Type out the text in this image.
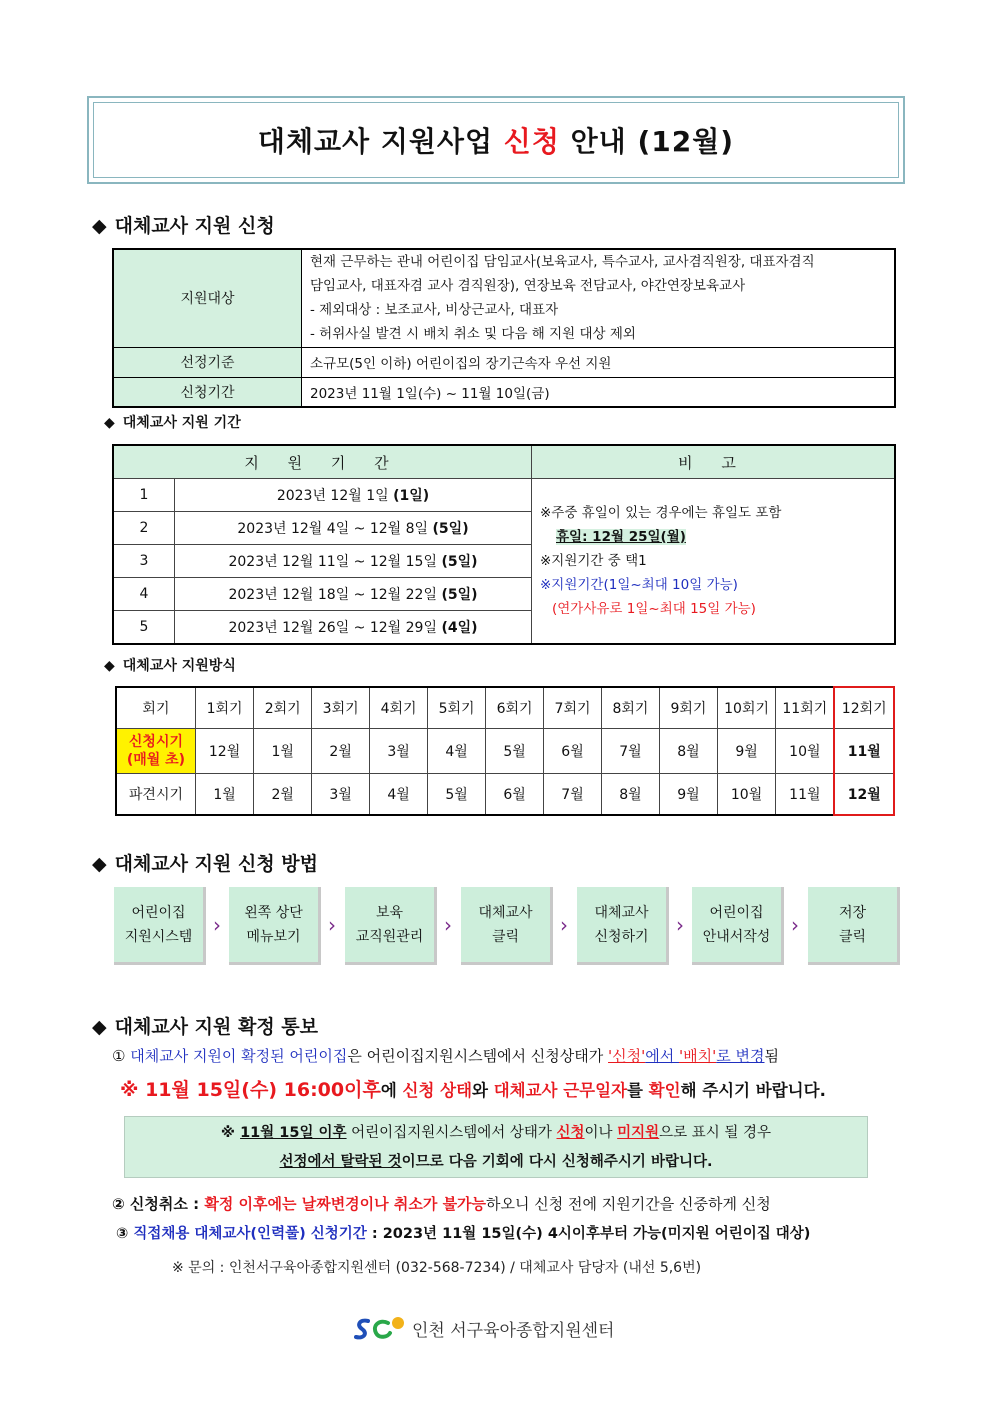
대체교사 지원사업 신청 안내 (12월)
◆ 대체교사 지원 신청
지원대상	현재 근무하는 관내 어린이집 담임교사(보육교사, 특수교사, 교사겸직원장, 대표자겸직
담임교사, 대표자겸 교사 겸직원장), 연장보육 전담교사, 야간연장보육교사
- 제외대상 : 보조교사, 비상근교사, 대표자
- 허위사실 발견 시 배치 취소 및 다음 해 지원 대상 제외

선정기준	소규모(5인 이하) 어린이집의 장기근속자 우선 지원
신청기간	2023년 11월 1일(수) ~ 11월 10일(금)
◆ 대체교사 지원 기간
지 원 기 간		비 고
1	2023년 12월 1일 (1일)	※주중 휴일이 있는 경우에는 휴일도 포함
휴일: 12월 25일(월)
※지원기간 중 택1
※지원기간(1일~최대 10일 가능)
(연가사유로 1일~최대 15일 가능)

2	2023년 12월 4일 ~ 12월 8일 (5일)	
3	2023년 12월 11일 ~ 12월 15일 (5일)	
4	2023년 12월 18일 ~ 12월 22일 (5일)	
5	2023년 12월 26일 ~ 12월 29일 (4일)	
◆ 대체교사 지원방식
회기	1회기	2회기	3회기	4회기	5회기	6회기	7회기	8회기	9회기	10회기	11회기	12회기

신청시기
(매월 초)	12월	1월	2월	3월	4월	5월	6월	7월	8월	9월	10월	11월
파견시기	1월	2월	3월	4월	5월	6월	7월	8월	9월	10월	11월	12월
◆ 대체교사 지원 신청 방법
어린이집
지원시스템 ›
왼쪽 상단
메뉴보기 ›
보육
교직원관리 ›
대체교사
클릭	›
대체교사
신청하기 ›
어린이집
안내서작성 ›
저장
클릭
◆ 대체교사 지원 확정 통보
① 대체교사 지원이 확정된 어린이집은 어린이집지원시스템에서 신청상태가 '신청'에서 '배치'로 변경됨
※ 11월 15일(수) 16:00이후에 신청 상태와 대체교사 근무일자를 확인해 주시기 바랍니다.
※ 11월 15일 이후 어린이집지원시스템에서 상태가 신청이나 미지원으로 표시 될 경우
선정에서 탈락된 것이므로 다음 기회에 다시 신청해주시기 바랍니다.
② 신청취소 : 확정 이후에는 날짜변경이나 취소가 불가능하오니 신청 전에 지원기간을 신중하게 신청
③ 직접채용 대체교사(인력풀) 신청기간 : 2023년 11월 15일(수) 4시이후부터 가능(미지원 어린이집 대상)
※ 문의 : 인천서구육아종합지원센터 (032-568-7234) / 대체교사 담당자 (내선 5,6번)
인천 서구육아종합지원센터
